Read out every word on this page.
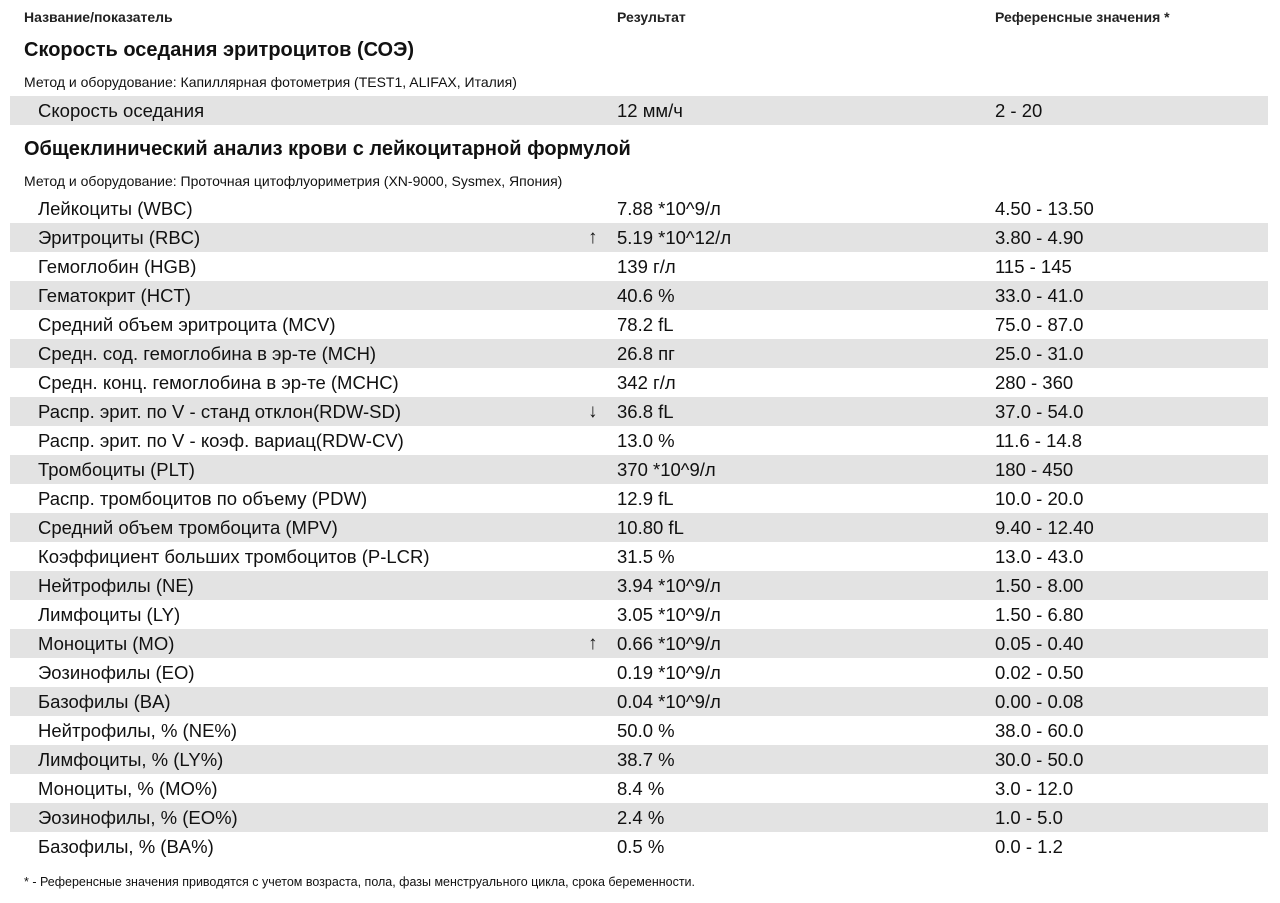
Название/показатель	Результат	Референсные значения *
Скорость оседания эритроцитов (СОЭ)
Метод и оборудование: Капиллярная фотометрия (TEST1, ALIFAX, Италия)
Скорость оседания	12 мм/ч	2 - 20
Общеклинический анализ крови с лейкоцитарной формулой
Метод и оборудование: Проточная цитофлуориметрия (XN-9000, Sysmex, Япония)
Лейкоциты (WBC)	7.88 *10^9/л	4.50 - 13.50
Эритроциты (RBC)	↑ 5.19 *10^12/л	3.80 - 4.90
Гемоглобин (HGB)	139 г/л	115 - 145
Гематокрит (HCT)	40.6 %	33.0 - 41.0
Средний объем эритроцита (MCV)	78.2 fL	75.0 - 87.0
Средн. сод. гемоглобина в эр-те (MCH)	26.8 пг	25.0 - 31.0
Средн. конц. гемоглобина в эр-те (MCHC)	342 г/л	280 - 360
Распр. эрит. по V - станд отклон(RDW-SD)	↓ 36.8 fL	37.0 - 54.0
Распр. эрит. по V - коэф. вариац(RDW-CV)	13.0 %	11.6 - 14.8
Тромбоциты (PLT)	370 *10^9/л	180 - 450
Распр. тромбоцитов по объему (PDW)	12.9 fL	10.0 - 20.0
Средний объем тромбоцита (MPV)	10.80 fL	9.40 - 12.40
Коэффициент больших тромбоцитов (P-LCR)	31.5 %	13.0 - 43.0
Нейтрофилы (NE)	3.94 *10^9/л	1.50 - 8.00
Лимфоциты (LY)	3.05 *10^9/л	1.50 - 6.80
Моноциты (MO)	↑ 0.66 *10^9/л	0.05 - 0.40
Эозинофилы (EO)	0.19 *10^9/л	0.02 - 0.50
Базофилы (BA)	0.04 *10^9/л	0.00 - 0.08
Нейтрофилы, % (NE%)	50.0 %	38.0 - 60.0
Лимфоциты, % (LY%)	38.7 %	30.0 - 50.0
Моноциты, % (MO%)	8.4 %	3.0 - 12.0
Эозинофилы, % (EO%)	2.4 %	1.0 - 5.0
Базофилы, % (BA%)	0.5 %	0.0 - 1.2
* - Референсные значения приводятся с учетом возраста, пола, фазы менструального цикла, срока беременности.
